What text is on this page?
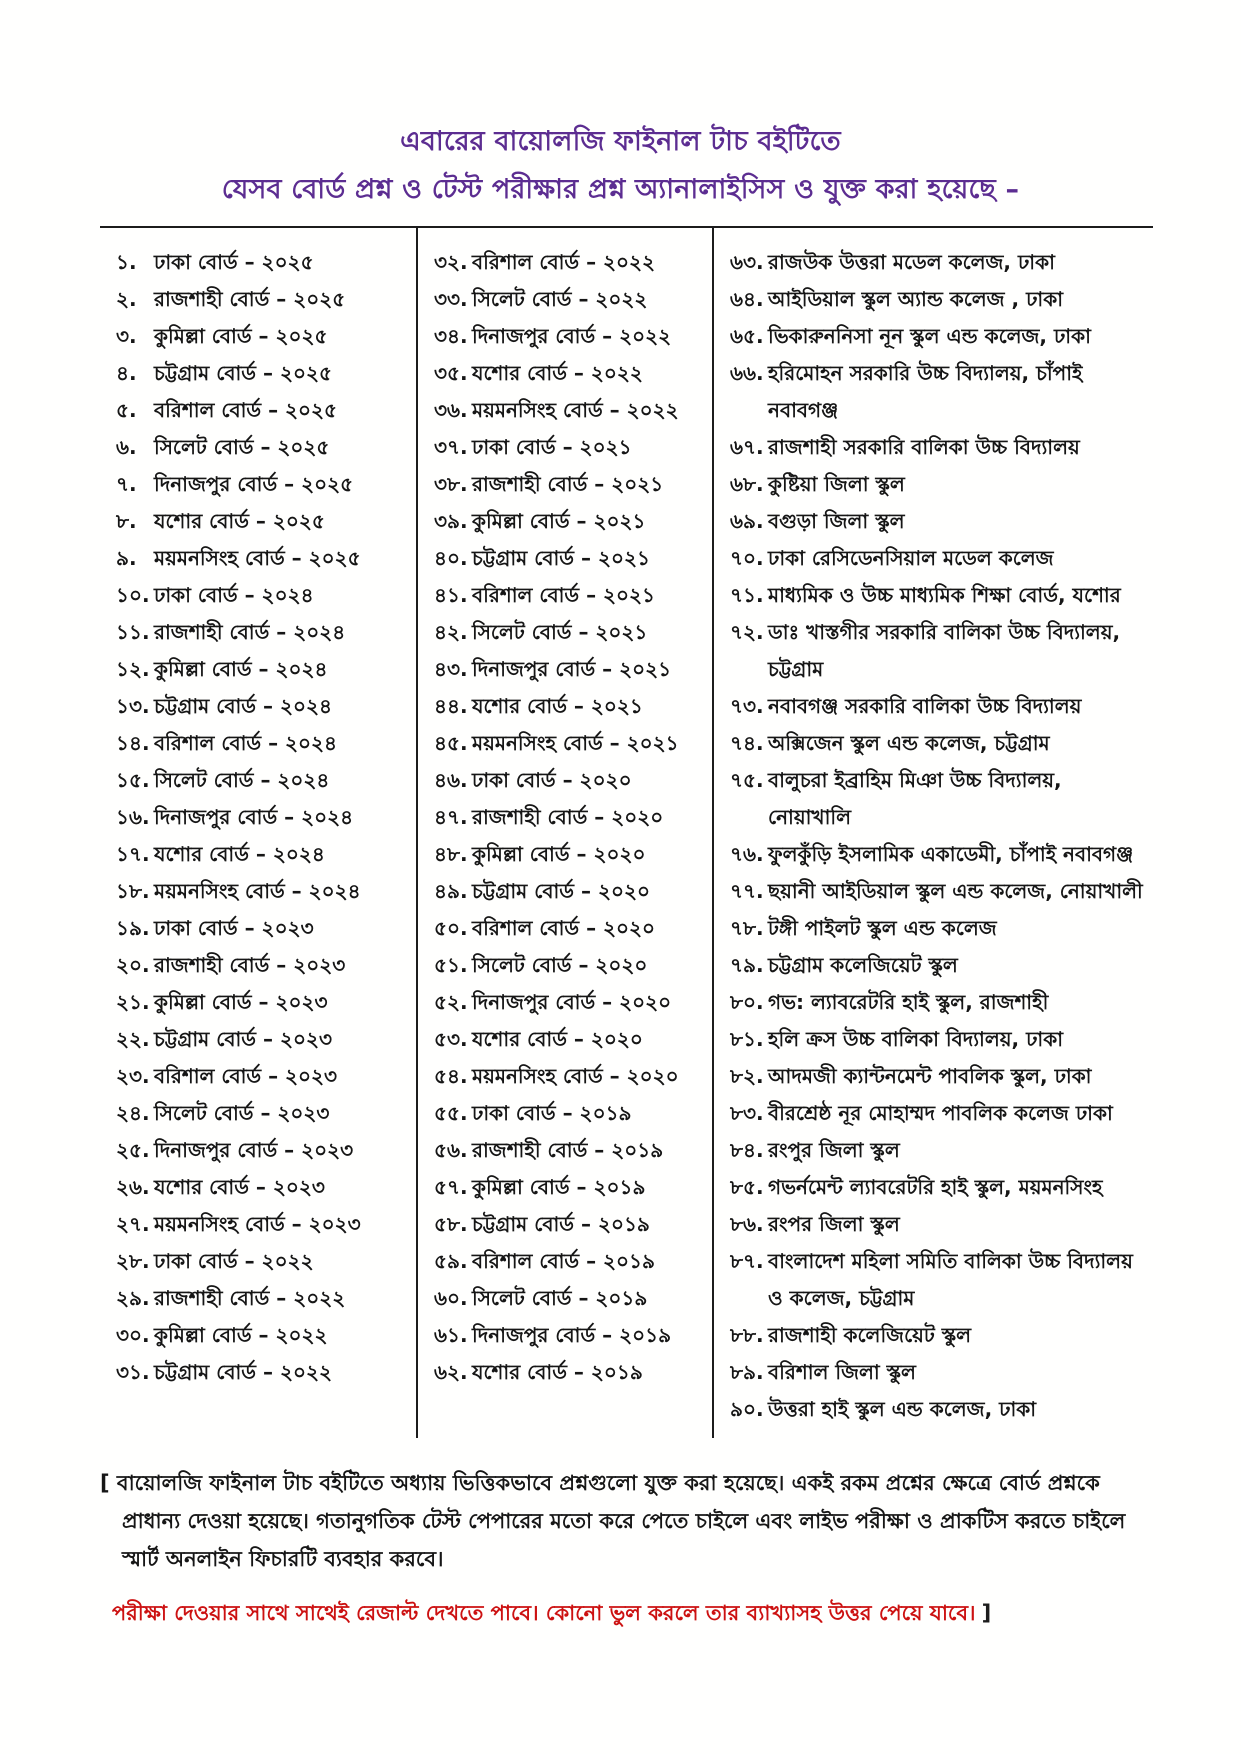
এবারের বায়োলজি ফাইনাল টাচ বইটিতে
যেসব বোর্ড প্রশ্ন ও টেস্ট পরীক্ষার প্রশ্ন অ্যানালাইসিস ও যুক্ত করা হয়েছে –
১. ঢাকা বোর্ড – ২০২৫
২. রাজশাহী বোর্ড – ২০২৫
৩. কুমিল্লা বোর্ড – ২০২৫
৪. চট্টগ্রাম বোর্ড – ২০২৫
৫. বরিশাল বোর্ড – ২০২৫
৬. সিলেট বোর্ড – ২০২৫
৭. দিনাজপুর বোর্ড – ২০২৫
৮. যশোর বোর্ড – ২০২৫
৯. ময়মনসিংহ বোর্ড – ২০২৫
১০. ঢাকা বোর্ড – ২০২৪
১১. রাজশাহী বোর্ড – ২০২৪
১২. কুমিল্লা বোর্ড – ২০২৪
১৩. চট্টগ্রাম বোর্ড – ২০২৪
১৪. বরিশাল বোর্ড – ২০২৪
১৫. সিলেট বোর্ড – ২০২৪
১৬. দিনাজপুর বোর্ড – ২০২৪
১৭. যশোর বোর্ড – ২০২৪
১৮. ময়মনসিংহ বোর্ড – ২০২৪
১৯. ঢাকা বোর্ড – ২০২৩
২০. রাজশাহী বোর্ড – ২০২৩
২১. কুমিল্লা বোর্ড – ২০২৩
২২. চট্টগ্রাম বোর্ড – ২০২৩
২৩. বরিশাল বোর্ড – ২০২৩
২৪. সিলেট বোর্ড – ২০২৩
২৫. দিনাজপুর বোর্ড – ২০২৩
২৬. যশোর বোর্ড – ২০২৩
২৭. ময়মনসিংহ বোর্ড – ২০২৩
২৮. ঢাকা বোর্ড – ২০২২
২৯. রাজশাহী বোর্ড – ২০২২
৩০. কুমিল্লা বোর্ড – ২০২২
৩১. চট্টগ্রাম বোর্ড – ২০২২
৩২. বরিশাল বোর্ড – ২০২২
৩৩. সিলেট বোর্ড – ২০২২
৩৪. দিনাজপুর বোর্ড – ২০২২
৩৫. যশোর বোর্ড – ২০২২
৩৬. ময়মনসিংহ বোর্ড – ২০২২
৩৭. ঢাকা বোর্ড – ২০২১
৩৮. রাজশাহী বোর্ড – ২০২১
৩৯. কুমিল্লা বোর্ড – ২০২১
৪০. চট্টগ্রাম বোর্ড – ২০২১
৪১. বরিশাল বোর্ড – ২০২১
৪২. সিলেট বোর্ড – ২০২১
৪৩. দিনাজপুর বোর্ড – ২০২১
৪৪. যশোর বোর্ড – ২০২১
৪৫. ময়মনসিংহ বোর্ড – ২০২১
৪৬. ঢাকা বোর্ড – ২০২০
৪৭. রাজশাহী বোর্ড – ২০২০
৪৮. কুমিল্লা বোর্ড – ২০২০
৪৯. চট্টগ্রাম বোর্ড – ২০২০
৫০. বরিশাল বোর্ড – ২০২০
৫১. সিলেট বোর্ড – ২০২০
৫২. দিনাজপুর বোর্ড – ২০২০
৫৩. যশোর বোর্ড – ২০২০
৫৪. ময়মনসিংহ বোর্ড – ২০২০
৫৫. ঢাকা বোর্ড – ২০১৯
৫৬. রাজশাহী বোর্ড – ২০১৯
৫৭. কুমিল্লা বোর্ড – ২০১৯
৫৮. চট্টগ্রাম বোর্ড – ২০১৯
৫৯. বরিশাল বোর্ড – ২০১৯
৬০. সিলেট বোর্ড – ২০১৯
৬১. দিনাজপুর বোর্ড – ২০১৯
৬২. যশোর বোর্ড – ২০১৯
৬৩. রাজউক উত্তরা মডেল কলেজ, ঢাকা
৬৪. আইডিয়াল স্কুল অ্যান্ড কলেজ , ঢাকা
৬৫. ভিকারুননিসা নূন স্কুল এন্ড কলেজ, ঢাকা
৬৬. হরিমোহন সরকারি উচ্চ বিদ্যালয়, চাঁপাই নবাবগঞ্জ
৬৭. রাজশাহী সরকারি বালিকা উচ্চ বিদ্যালয়
৬৮. কুষ্টিয়া জিলা স্কুল
৬৯. বগুড়া জিলা স্কুল
৭০. ঢাকা রেসিডেনসিয়াল মডেল কলেজ
৭১. মাধ্যমিক ও উচ্চ মাধ্যমিক শিক্ষা বোর্ড, যশোর
৭২. ডাঃ খাস্তগীর সরকারি বালিকা উচ্চ বিদ্যালয়, চট্টগ্রাম
৭৩. নবাবগঞ্জ সরকারি বালিকা উচ্চ বিদ্যালয়
৭৪. অক্সিজেন স্কুল এন্ড কলেজ, চট্টগ্রাম
৭৫. বালুচরা ইব্রাহিম মিঞা উচ্চ বিদ্যালয়, নোয়াখালি
৭৬. ফুলকুঁড়ি ইসলামিক একাডেমী, চাঁপাই নবাবগঞ্জ
৭৭. ছয়ানী আইডিয়াল স্কুল এন্ড কলেজ, নোয়াখালী
৭৮. টঙ্গী পাইলট স্কুল এন্ড কলেজ
৭৯. চট্টগ্রাম কলেজিয়েট স্কুল
৮০. গভ: ল্যাবরেটরি হাই স্কুল, রাজশাহী
৮১. হলি ক্রস উচ্চ বালিকা বিদ্যালয়, ঢাকা
৮২. আদমজী ক্যান্টনমেন্ট পাবলিক স্কুল, ঢাকা
৮৩. বীরশ্রেষ্ঠ নূর মোহাম্মদ পাবলিক কলেজ ঢাকা
৮৪. রংপুর জিলা স্কুল
৮৫. গভর্নমেন্ট ল্যাবরেটরি হাই স্কুল, ময়মনসিংহ
৮৬. রংপর জিলা স্কুল
৮৭. বাংলাদেশ মহিলা সমিতি বালিকা উচ্চ বিদ্যালয় ও কলেজ, চট্টগ্রাম
৮৮. রাজশাহী কলেজিয়েট স্কুল
৮৯. বরিশাল জিলা স্কুল
৯০. উত্তরা হাই স্কুল এন্ড কলেজ, ঢাকা
[ বায়োলজি ফাইনাল টাচ বইটিতে অধ্যায় ভিত্তিকভাবে প্রশ্নগুলো যুক্ত করা হয়েছে। একই রকম প্রশ্নের ক্ষেত্রে বোর্ড প্রশ্নকে প্রাধান্য দেওয়া হয়েছে। গতানুগতিক টেস্ট পেপারের মতো করে পেতে চাইলে এবং লাইভ পরীক্ষা ও প্রাকটিস করতে চাইলে স্মার্ট অনলাইন ফিচারটি ব্যবহার করবে।
পরীক্ষা দেওয়ার সাথে সাথেই রেজাল্ট দেখতে পাবে। কোনো ভুল করলে তার ব্যাখ্যাসহ উত্তর পেয়ে যাবে। ]
